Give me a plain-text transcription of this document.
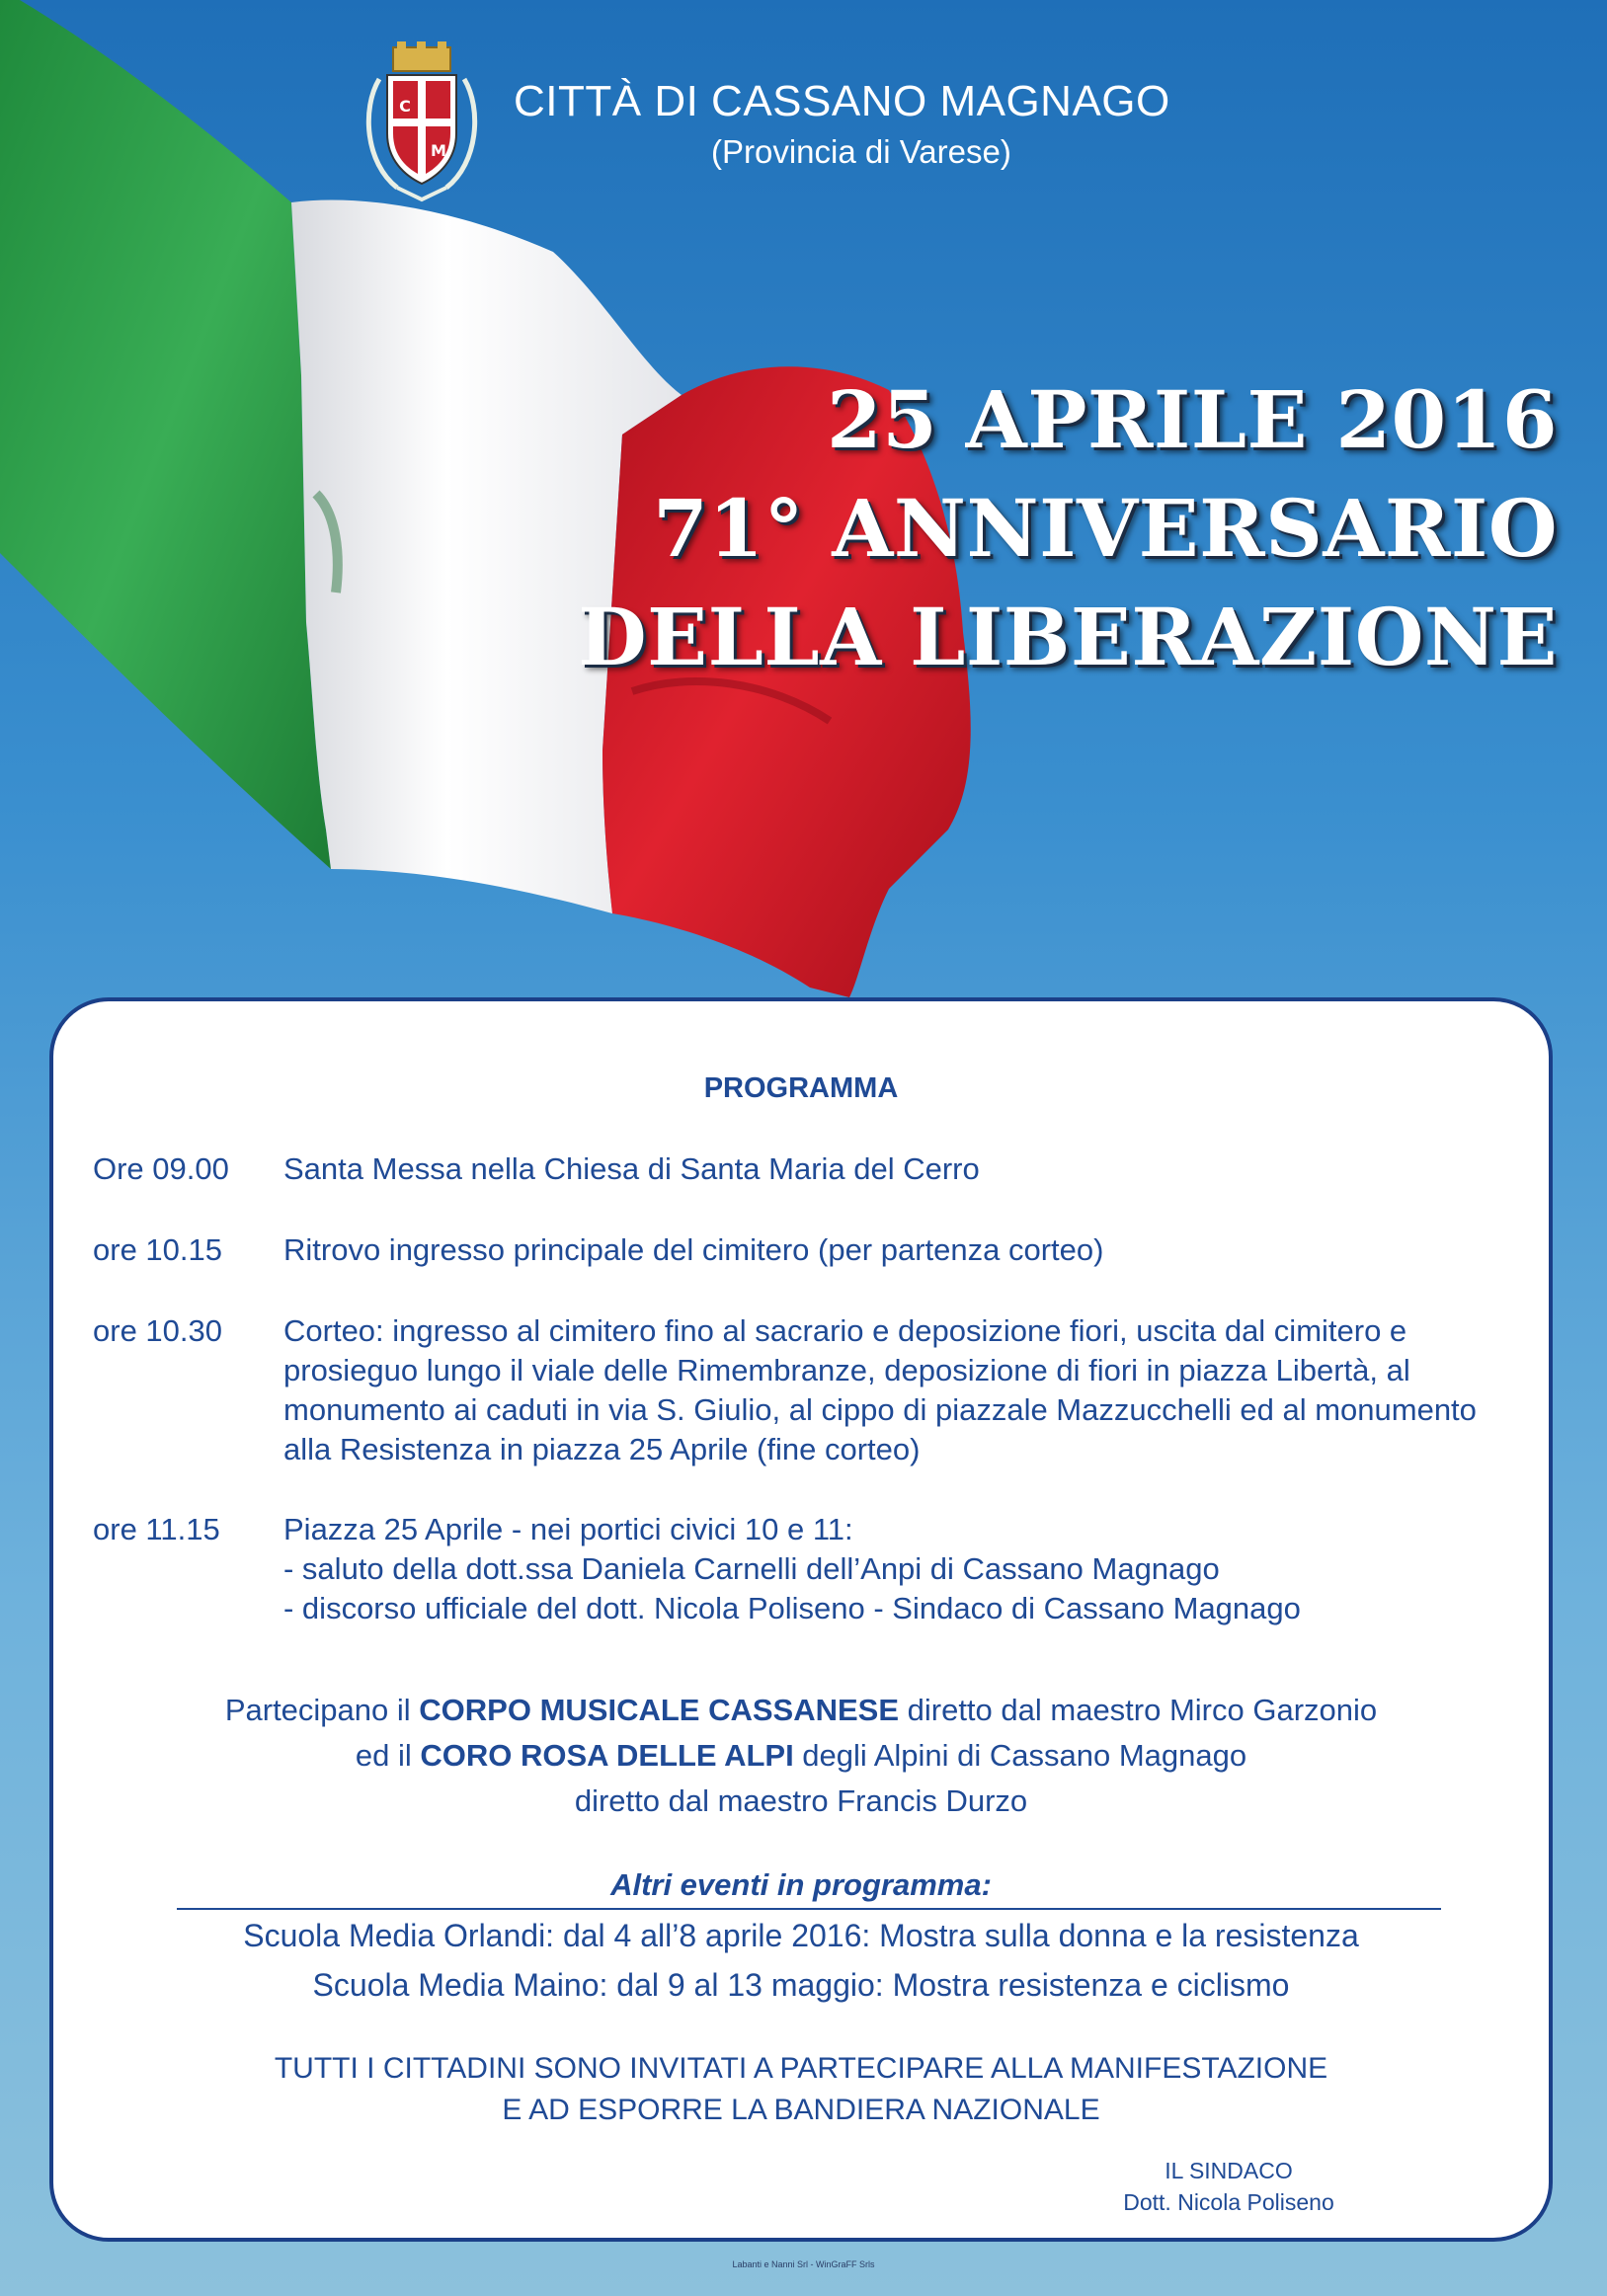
C
M
CITTÀ DI CASSANO MAGNAGO
(Provincia di Varese)
25 APRILE 2016
71° ANNIVERSARIO
DELLA LIBERAZIONE
PROGRAMMA
Ore 09.00	Santa Messa nella Chiesa di Santa Maria del Cerro
ore 10.15	Ritrovo ingresso principale del cimitero (per partenza corteo)
ore 10.30	Corteo: ingresso al cimitero fino al sacrario e deposizione fiori, uscita dal cimitero e
prosieguo lungo il viale delle Rimembranze, deposizione di fiori in piazza Libertà, al
monumento ai caduti in via S. Giulio, al cippo di piazzale Mazzucchelli ed al monumento
alla Resistenza in piazza 25 Aprile (fine corteo)
ore 11.15	Piazza 25 Aprile - nei portici civici 10 e 11:
- saluto della dott.ssa Daniela Carnelli dell’Anpi di Cassano Magnago
- discorso ufficiale del dott. Nicola Poliseno - Sindaco di Cassano Magnago
Partecipano il CORPO MUSICALE CASSANESE diretto dal maestro Mirco Garzonio
ed il CORO ROSA DELLE ALPI degli Alpini di Cassano Magnago
diretto dal maestro Francis Durzo
Altri eventi in programma:
Scuola Media Orlandi: dal 4 all’8 aprile 2016: Mostra sulla donna e la resistenza
Scuola Media Maino: dal 9 al 13 maggio: Mostra resistenza e ciclismo
TUTTI I CITTADINI SONO INVITATI A PARTECIPARE ALLA MANIFESTAZIONE
E AD ESPORRE LA BANDIERA NAZIONALE
IL SINDACO
Dott. Nicola Poliseno
Labanti e Nanni Srl - WinGraFF Srls
